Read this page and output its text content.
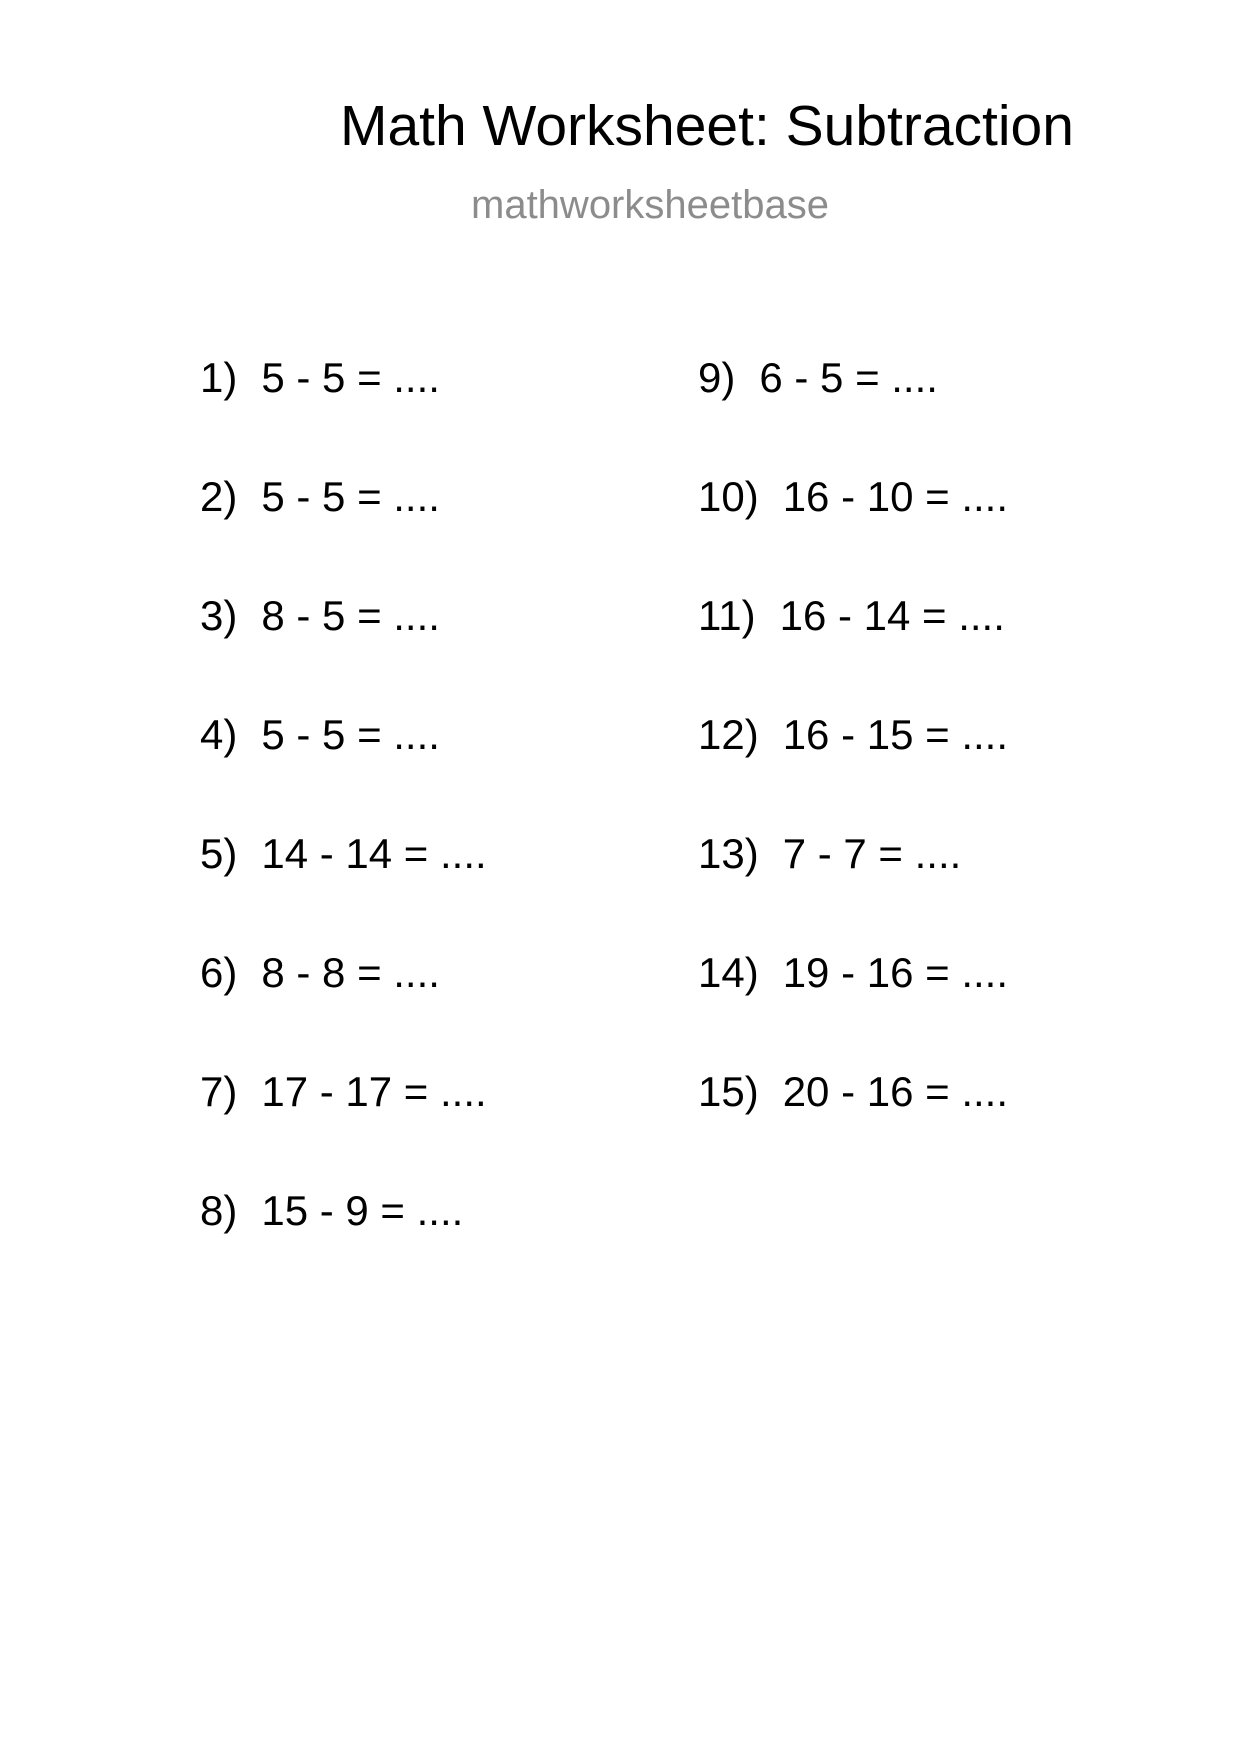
Math Worksheet: Subtraction
mathworksheetbase
1) 5 - 5 = ....
2) 5 - 5 = ....
3) 8 - 5 = ....
4) 5 - 5 = ....
5) 14 - 14 = ....
6) 8 - 8 = ....
7) 17 - 17 = ....
8) 15 - 9 = ....
9) 6 - 5 = ....
10) 16 - 10 = ....
11) 16 - 14 = ....
12) 16 - 15 = ....
13) 7 - 7 = ....
14) 19 - 16 = ....
15) 20 - 16 = ....
